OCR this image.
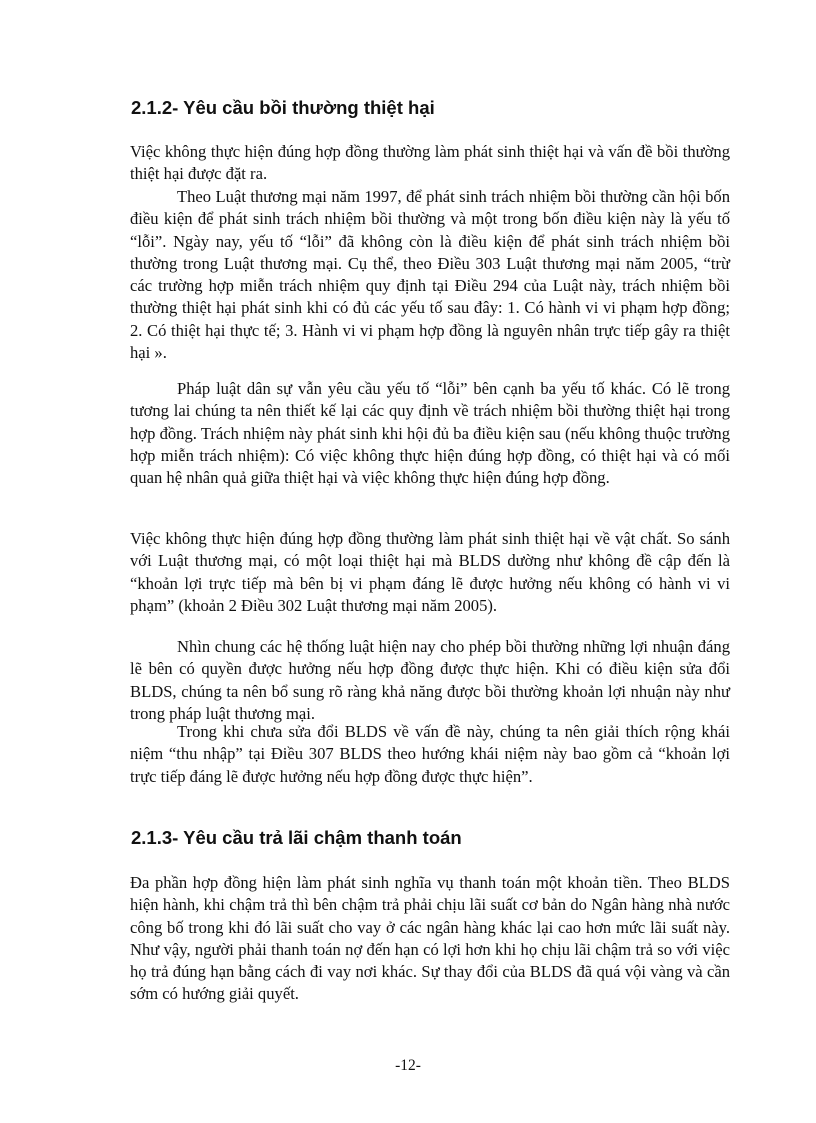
2.1.2- Yêu cầu bồi thường thiệt hại

Việc không thực hiện đúng hợp đồng thường làm phát sinh thiệt hại và vấn đề bồi thường thiệt hại được đặt ra.

Theo Luật thương mại năm 1997, để phát sinh trách nhiệm bồi thường cần hội bốn điều kiện để phát sinh trách nhiệm bồi thường và một trong bốn điều kiện này là yếu tố “lỗi”. Ngày nay, yếu tố “lỗi” đã không còn là điều kiện để phát sinh trách nhiệm bồi thường trong Luật thương mại. Cụ thể, theo Điều 303 Luật thương mại năm 2005, “trừ các trường hợp miễn trách nhiệm quy định tại Điều 294 của Luật này, trách nhiệm bồi thường thiệt hại phát sinh khi có đủ các yếu tố sau đây: 1. Có hành vi vi phạm hợp đồng; 2. Có thiệt hại thực tế; 3. Hành vi vi phạm hợp đồng là nguyên nhân trực tiếp gây ra thiệt hại ».

Pháp luật dân sự vẫn yêu cầu yếu tố “lỗi” bên cạnh ba yếu tố khác. Có lẽ trong tương lai chúng ta nên thiết kế lại các quy định về trách nhiệm bồi thường thiệt hại trong hợp đồng. Trách nhiệm này phát sinh khi hội đủ ba điều kiện sau (nếu không thuộc trường hợp miễn trách nhiệm): Có việc không thực hiện đúng hợp đồng, có thiệt hại và có mối quan hệ nhân quả giữa thiệt hại và việc không thực hiện đúng hợp đồng.

Việc không thực hiện đúng hợp đồng thường làm phát sinh thiệt hại về vật chất. So sánh với Luật thương mại, có một loại thiệt hại mà BLDS dường như không đề cập đến là “khoản lợi trực tiếp mà bên bị vi phạm đáng lẽ được hưởng nếu không có hành vi vi phạm” (khoản 2 Điều 302 Luật thương mại năm 2005).

Nhìn chung các hệ thống luật hiện nay cho phép bồi thường những lợi nhuận đáng lẽ bên có quyền được hưởng nếu hợp đồng được thực hiện. Khi có điều kiện sửa đổi BLDS, chúng ta nên bổ sung rõ ràng khả năng được bồi thường khoản lợi nhuận này như trong pháp luật thương mại.

Trong khi chưa sửa đổi BLDS về vấn đề này, chúng ta nên giải thích rộng khái niệm “thu nhập” tại Điều 307 BLDS theo hướng khái niệm này bao gồm cả “khoản lợi trực tiếp đáng lẽ được hưởng nếu hợp đồng được thực hiện”.

2.1.3- Yêu cầu trả lãi chậm thanh toán

Đa phần hợp đồng hiện làm phát sinh nghĩa vụ thanh toán một khoản tiền. Theo BLDS hiện hành, khi chậm trả thì bên chậm trả phải chịu lãi suất cơ bản do Ngân hàng nhà nước công bố trong khi đó lãi suất cho vay ở các ngân hàng khác lại cao hơn mức lãi suất này. Như vậy, người phải thanh toán nợ đến hạn có lợi hơn khi họ chịu lãi chậm trả so với việc họ trả đúng hạn bằng cách đi vay nơi khác. Sự thay đổi của BLDS đã quá vội vàng và cần sớm có hướng giải quyết.

-12-
